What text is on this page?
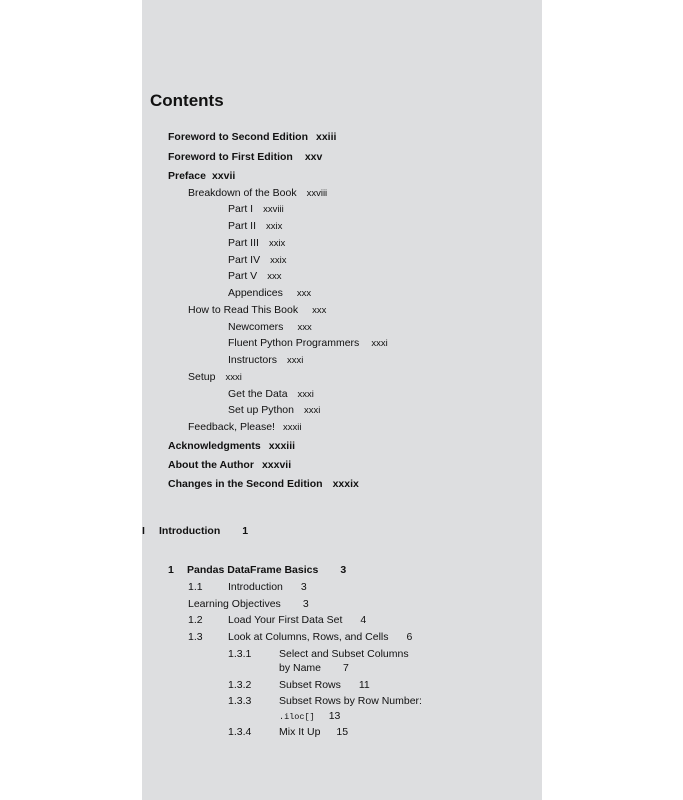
Contents
Foreword to Second Edition xxiii
Foreword to First Edition xxv
Preface xxvii
Breakdown of the Book xxviii
Part I xxviii
Part II xxix
Part III xxix
Part IV xxix
Part V xxx
Appendices xxx
How to Read This Book xxx
Newcomers xxx
Fluent Python Programmers xxxi
Instructors xxxi
Setup xxxi
Get the Data xxxi
Set up Python xxxi
Feedback, Please! xxxii
Acknowledgments xxxiii
About the Author xxxvii
Changes in the Second Edition xxxix
I Introduction 1
1 Pandas DataFrame Basics 3
1.1 Introduction 3
Learning Objectives 3
1.2 Load Your First Data Set 4
1.3 Look at Columns, Rows, and Cells 6
1.3.1	Select and Subset Columns
by Name 7
1.3.2	Subset Rows 11
1.3.3	Subset Rows by Row Number:
.iloc[] 13
1.3.4	Mix It Up 15
